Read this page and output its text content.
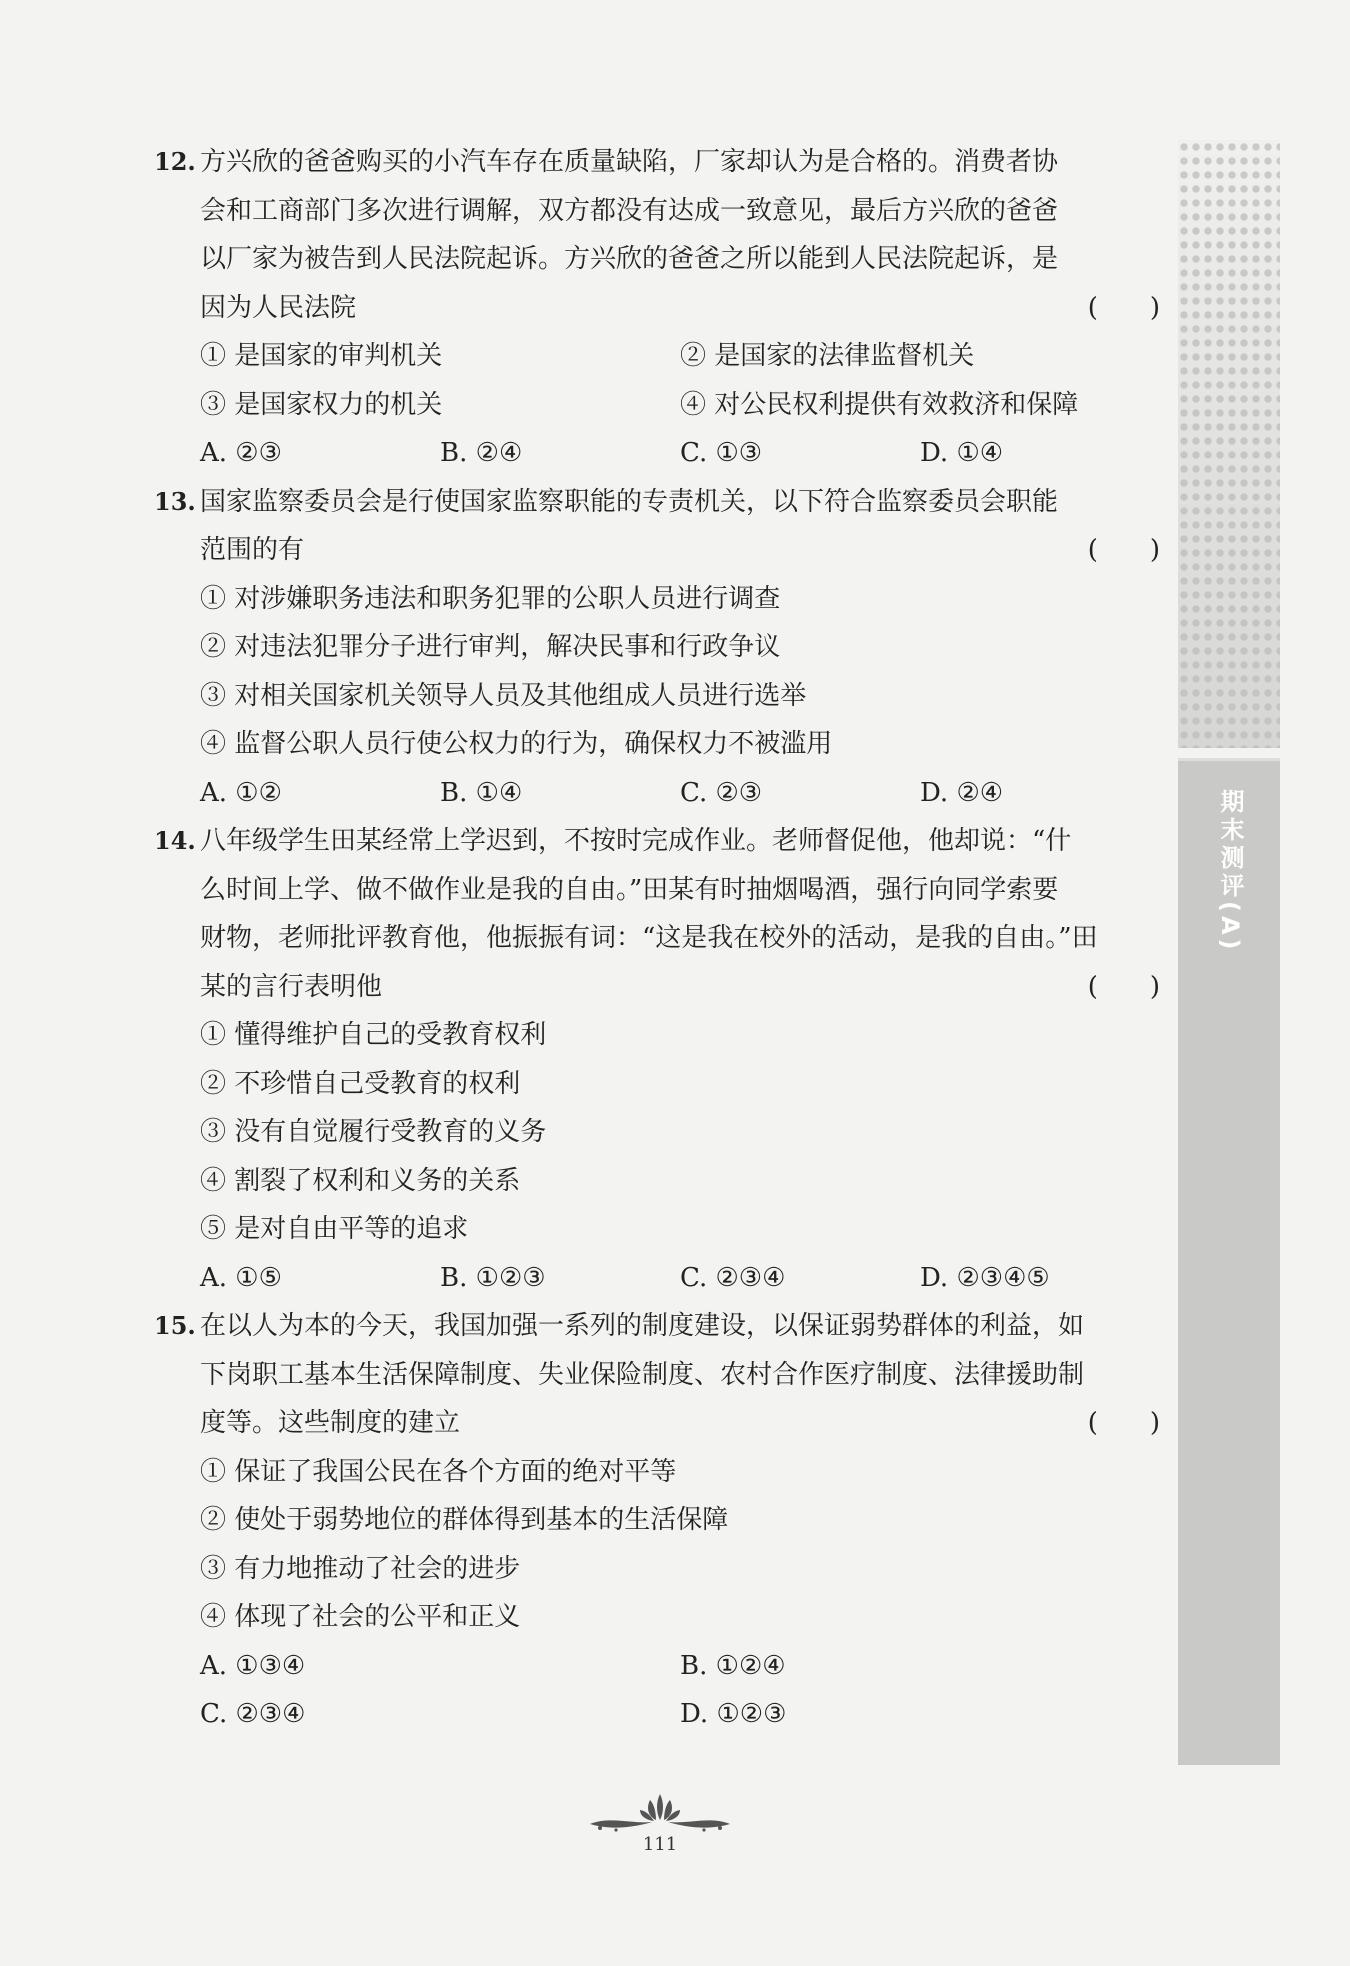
12. 方兴欣的爸爸购买的小汽车存在质量缺陷，厂家却认为是合格的。消费者协
会和工商部门多次进行调解，双方都没有达成一致意见，最后方兴欣的爸爸
以厂家为被告到人民法院起诉。方兴欣的爸爸之所以能到人民法院起诉，是
因为人民法院	(　　)
① 是国家的审判机关	② 是国家的法律监督机关
③ 是国家权力的机关	④ 对公民权利提供有效救济和保障
A. ②③	B. ②④	C. ①③	D. ①④
13. 国家监察委员会是行使国家监察职能的专责机关，以下符合监察委员会职能
范围的有	(　　)
① 对涉嫌职务违法和职务犯罪的公职人员进行调查
② 对违法犯罪分子进行审判，解决民事和行政争议
③ 对相关国家机关领导人员及其他组成人员进行选举
④ 监督公职人员行使公权力的行为，确保权力不被滥用
A. ①②	B. ①④	C. ②③	D. ②④
14. 八年级学生田某经常上学迟到，不按时完成作业。老师督促他，他却说：“什
么时间上学、做不做作业是我的自由。”田某有时抽烟喝酒，强行向同学索要
财物，老师批评教育他，他振振有词：“这是我在校外的活动，是我的自由。”田
某的言行表明他	(　　)
① 懂得维护自己的受教育权利
② 不珍惜自己受教育的权利
③ 没有自觉履行受教育的义务
④ 割裂了权利和义务的关系
⑤ 是对自由平等的追求
A. ①⑤	B. ①②③	C. ②③④	D. ②③④⑤
15. 在以人为本的今天，我国加强一系列的制度建设，以保证弱势群体的利益，如
下岗职工基本生活保障制度、失业保险制度、农村合作医疗制度、法律援助制
度等。这些制度的建立	(　　)
① 保证了我国公民在各个方面的绝对平等
② 使处于弱势地位的群体得到基本的生活保障
③ 有力地推动了社会的进步
④ 体现了社会的公平和正义
A. ①③④	B. ①②④
C. ②③④	D. ①②③
期末测评(A)
111
